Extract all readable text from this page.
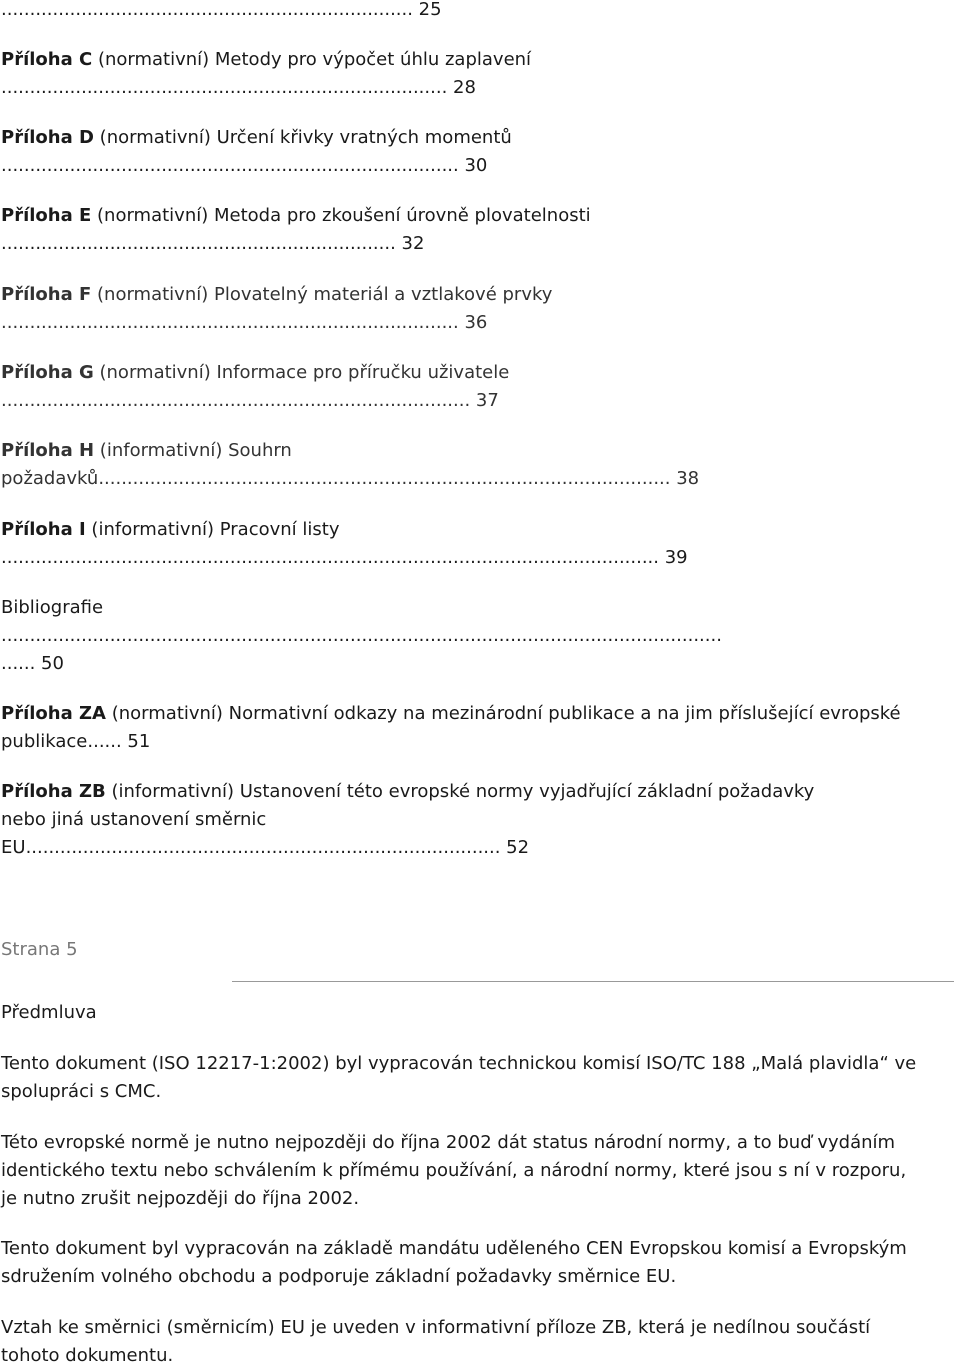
........................................................................ 25
Příloha C (normativní) Metody pro výpočet úhlu zaplavení
.............................................................................. 28
Příloha D (normativní) Určení křivky vratných momentů
................................................................................ 30
Příloha E (normativní) Metoda pro zkoušení úrovně plovatelnosti
..................................................................... 32
Příloha F (normativní) Plovatelný materiál a vztlakové prvky
................................................................................ 36
Příloha G (normativní) Informace pro příručku uživatele
.................................................................................. 37
Příloha H (informativní) Souhrn
požadavků.................................................................................................... 38
Příloha I (informativní) Pracovní listy
................................................................................................................... 39
Bibliografie
..............................................................................................................................
...... 50
Příloha ZA (normativní) Normativní odkazy na mezinárodní publikace a na jim příslušející evropské
publikace...... 51
Příloha ZB (informativní) Ustanovení této evropské normy vyjadřující základní požadavky
nebo jiná ustanovení směrnic
EU................................................................................... 52
Strana 5
Předmluva
Tento dokument (ISO 12217-1:2002) byl vypracován technickou komisí ISO/TC 188 „Malá plavidla“ ve
spolupráci s CMC.
Této evropské normě je nutno nejpozději do října 2002 dát status národní normy, a to buď vydáním
identického textu nebo schválením k přímému používání, a národní normy, které jsou s ní v rozporu,
je nutno zrušit nejpozději do října 2002.
Tento dokument byl vypracován na základě mandátu uděleného CEN Evropskou komisí a Evropským
sdružením volného obchodu a podporuje základní požadavky směrnice EU.
Vztah ke směrnici (směrnicím) EU je uveden v informativní příloze ZB, která je nedílnou součástí
tohoto dokumentu.
